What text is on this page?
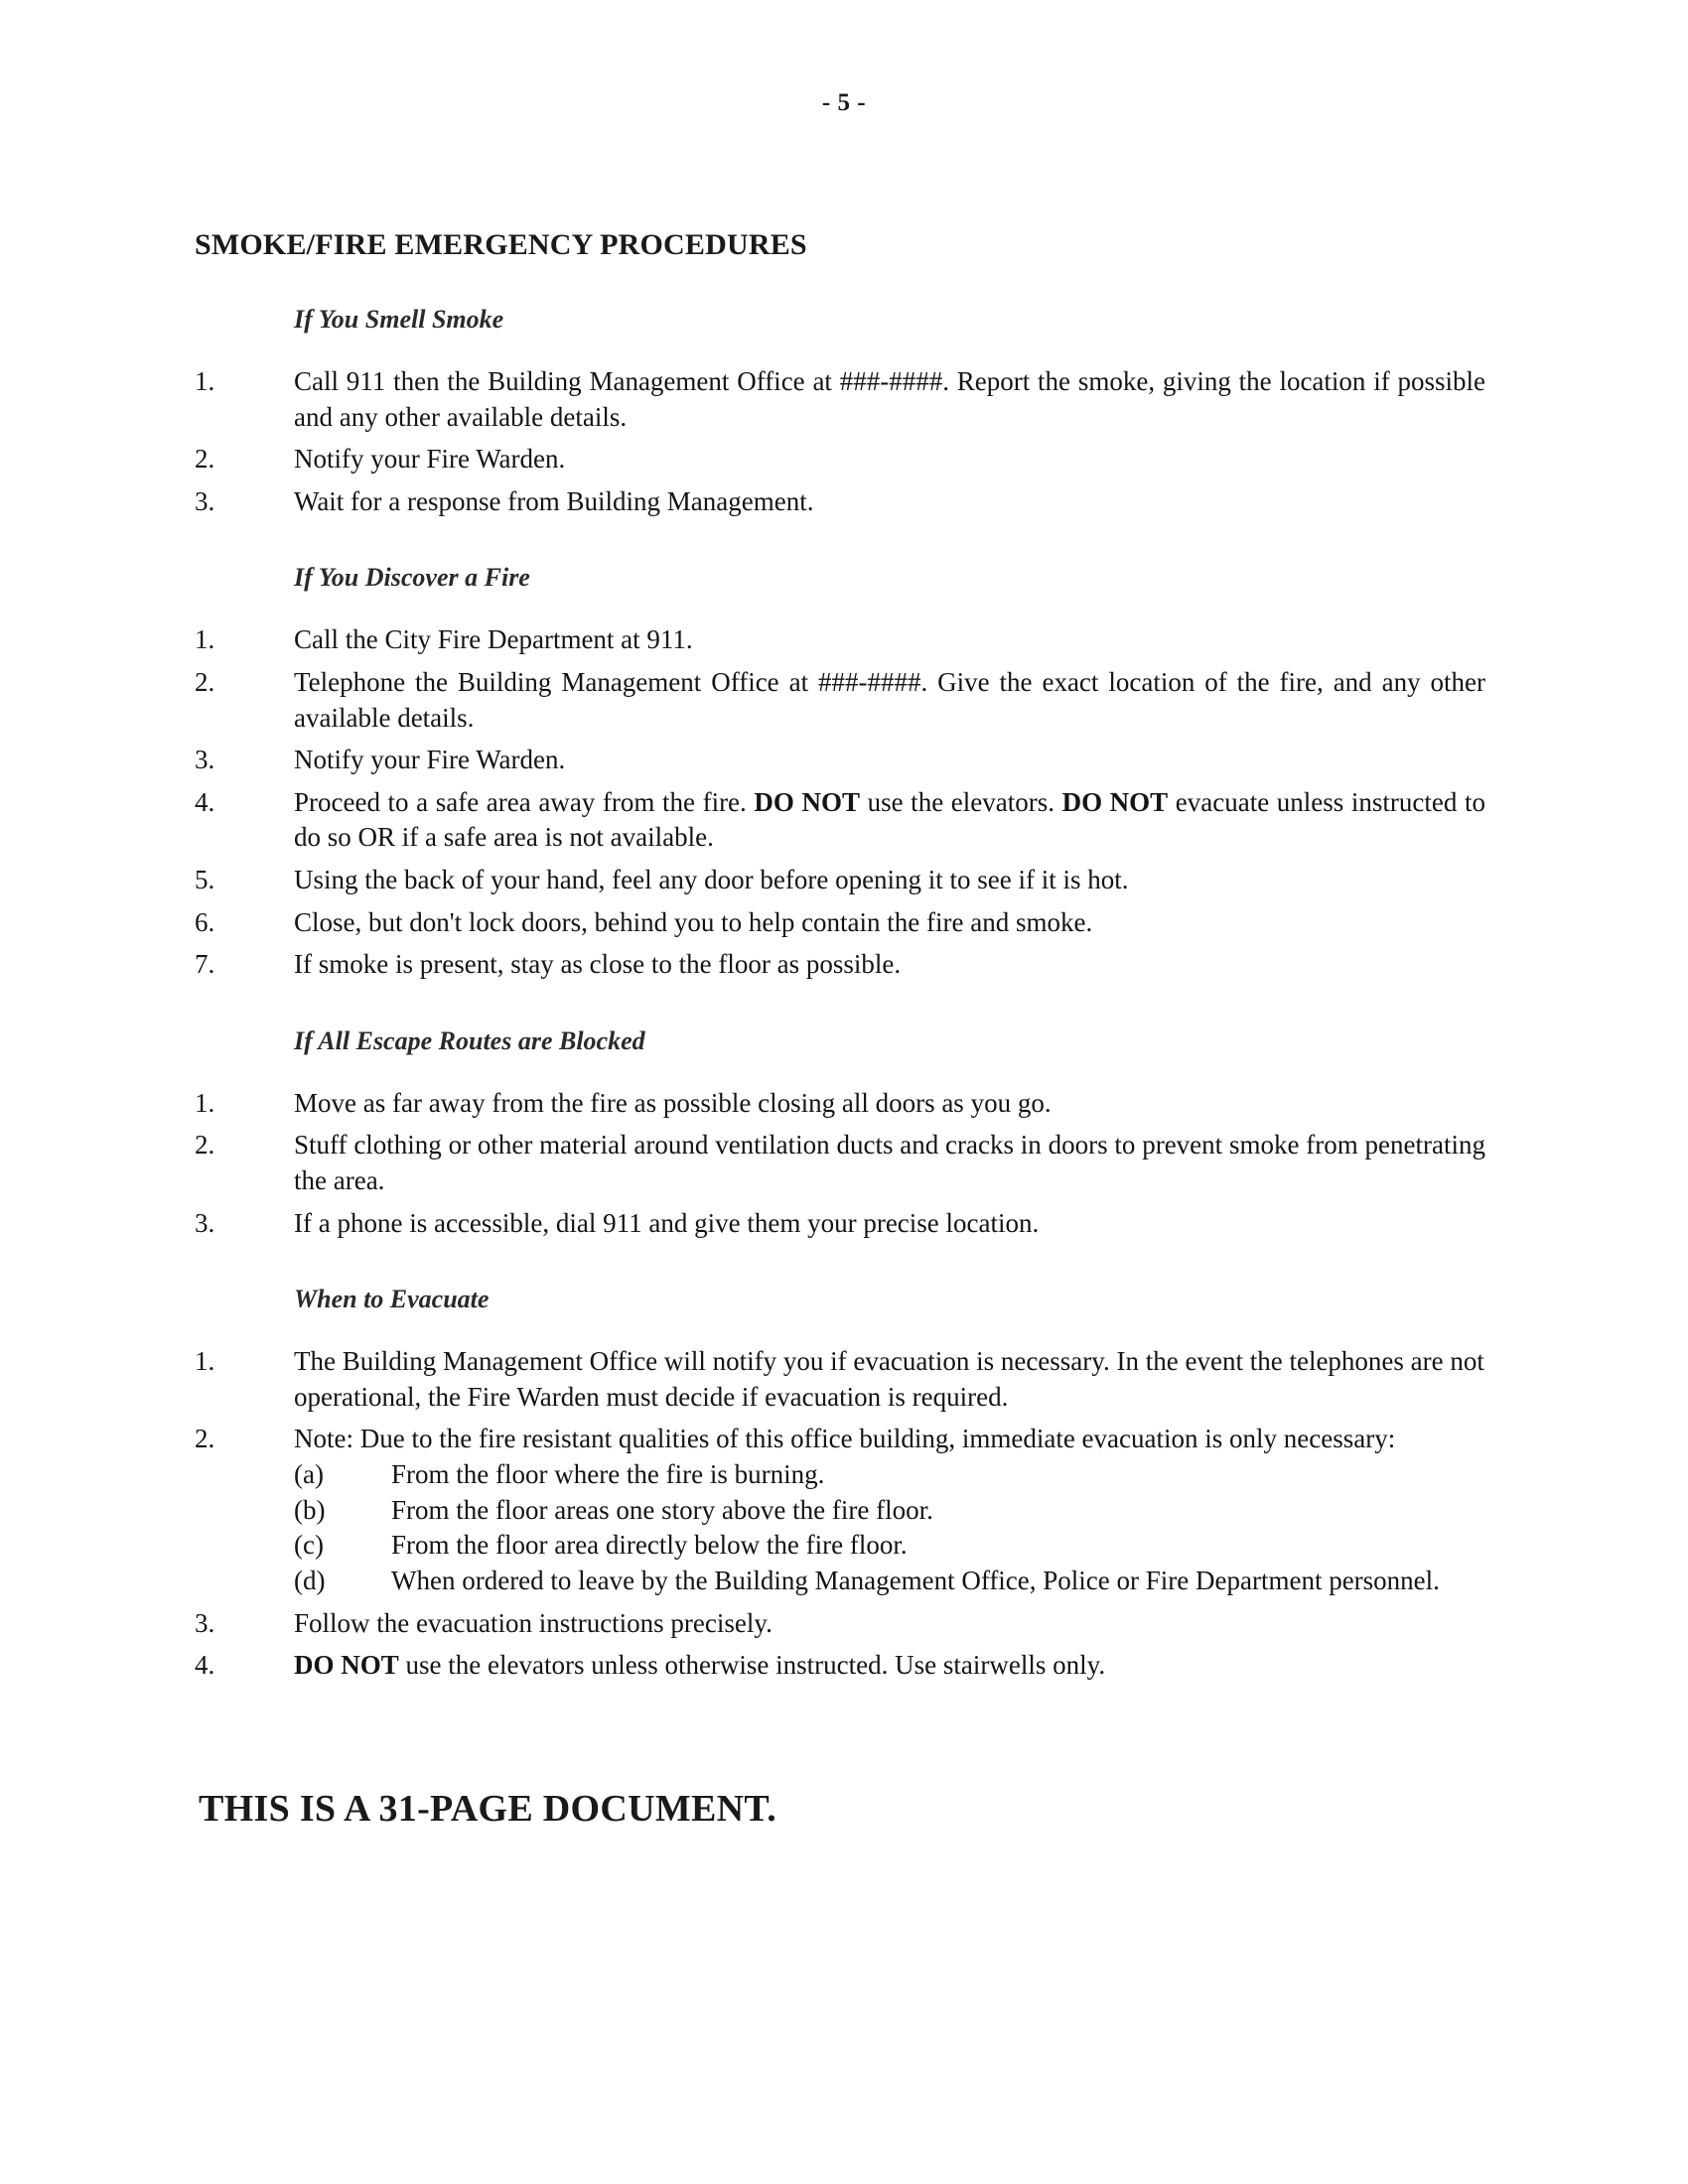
- 5 -
SMOKE/FIRE EMERGENCY PROCEDURES
If You Smell Smoke
1.	Call 911 then the Building Management Office at ###-####. Report the smoke, giving the location if possible and any other available details.
2.	Notify your Fire Warden.
3.	Wait for a response from Building Management.
If You Discover a Fire
1.	Call the City Fire Department at 911.
2.	Telephone the Building Management Office at ###-####. Give the exact location of the fire, and any other available details.
3.	Notify your Fire Warden.
4.	Proceed to a safe area away from the fire. DO NOT use the elevators. DO NOT evacuate unless instructed to do so OR if a safe area is not available.
5.	Using the back of your hand, feel any door before opening it to see if it is hot.
6.	Close, but don't lock doors, behind you to help contain the fire and smoke.
7.	If smoke is present, stay as close to the floor as possible.
If All Escape Routes are Blocked
1.	Move as far away from the fire as possible closing all doors as you go.
2.	Stuff clothing or other material around ventilation ducts and cracks in doors to prevent smoke from penetrating the area.
3.	If a phone is accessible, dial 911 and give them your precise location.
When to Evacuate
1.	The Building Management Office will notify you if evacuation is necessary. In the event the telephones are not operational, the Fire Warden must decide if evacuation is required.
2.	Note: Due to the fire resistant qualities of this office building, immediate evacuation is only necessary:
(a)	From the floor where the fire is burning.
(b)	From the floor areas one story above the fire floor.
(c)	From the floor area directly below the fire floor.
(d)	When ordered to leave by the Building Management Office, Police or Fire Department personnel.
3.	Follow the evacuation instructions precisely.
4.	DO NOT use the elevators unless otherwise instructed. Use stairwells only.
THIS IS A 31-PAGE DOCUMENT.
